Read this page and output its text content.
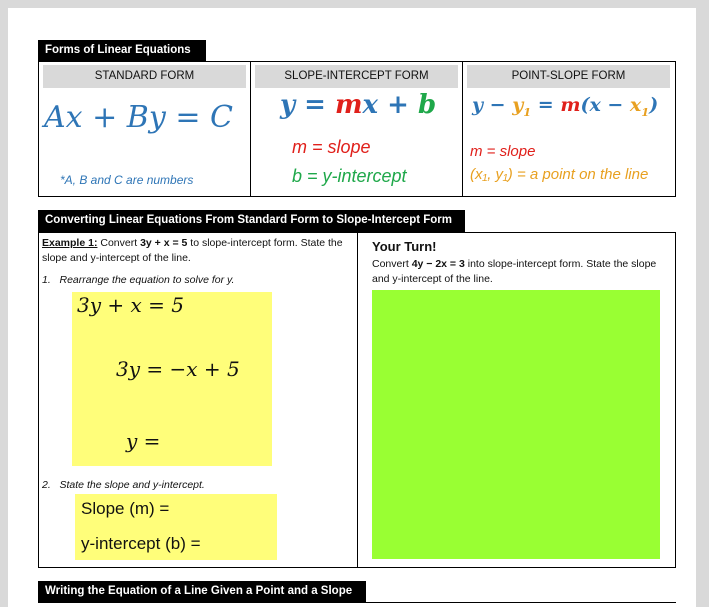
Forms of Linear Equations
STANDARD FORM
Ax + By = C
*A, B and C are numbers
SLOPE-INTERCEPT FORM
y = mx + b
m = slope
b = y-intercept
POINT-SLOPE FORM
$y - y_1 = m(x - x_1)$
m = slope
(x₁, y₁) = a point on the line
Converting Linear Equations From Standard Form to Slope-Intercept Form
Example 1: Convert 3y + x = 5 to slope-intercept form. State the slope and y-intercept of the line.
1.   Rearrange the equation to solve for y.
3y + x = 5
3y = −x + 5
y =
2.   State the slope and y-intercept.
Slope (m) =
y-intercept (b) =
Your Turn!
Convert 4y − 2x = 3 into slope-intercept form. State the slope and y-intercept of the line.
Writing the Equation of a Line Given a Point and a Slope
